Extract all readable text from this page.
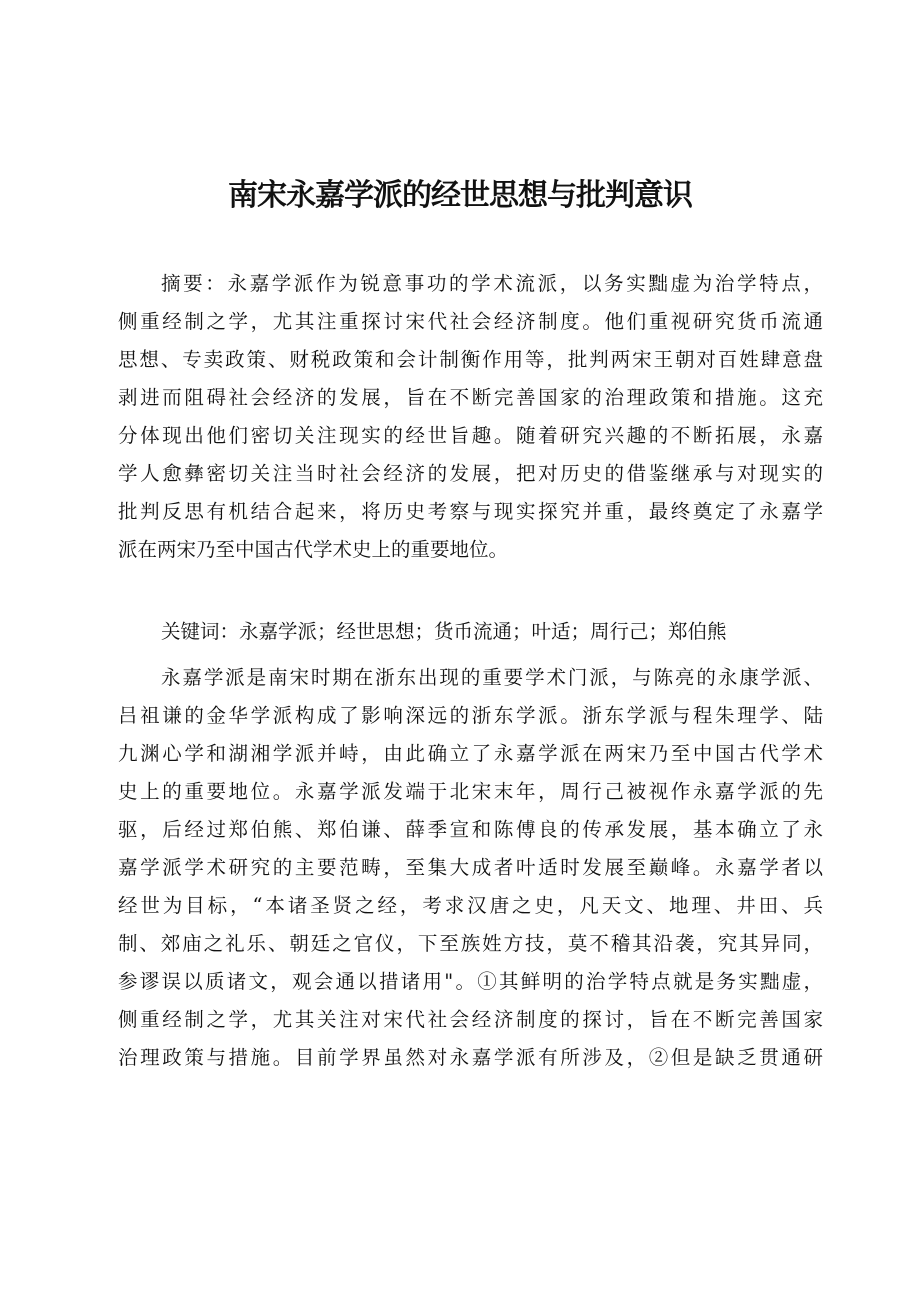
南宋永嘉学派的经世思想与批判意识
摘要：永嘉学派作为锐意事功的学术流派，以务实黜虚为治学特点，
侧重经制之学，尤其注重探讨宋代社会经济制度。他们重视研究货币流通
思想、专卖政策、财税政策和会计制衡作用等，批判两宋王朝对百姓肆意盘
剥进而阻碍社会经济的发展，旨在不断完善国家的治理政策和措施。这充
分体现出他们密切关注现实的经世旨趣。随着研究兴趣的不断拓展，永嘉
学人愈彝密切关注当时社会经济的发展，把对历史的借鉴继承与对现实的
批判反思有机结合起来，将历史考察与现实探究并重，最终奠定了永嘉学
派在两宋乃至中国古代学术史上的重要地位。
关键词：永嘉学派；经世思想；货币流通；叶适；周行己；郑伯熊
永嘉学派是南宋时期在浙东出现的重要学术门派，与陈亮的永康学派、
吕祖谦的金华学派构成了影响深远的浙东学派。浙东学派与程朱理学、陆
九渊心学和湖湘学派并峙，由此确立了永嘉学派在两宋乃至中国古代学术
史上的重要地位。永嘉学派发端于北宋末年，周行己被视作永嘉学派的先
驱，后经过郑伯熊、郑伯谦、薛季宣和陈傅良的传承发展，基本确立了永
嘉学派学术研究的主要范畴，至集大成者叶适时发展至巅峰。永嘉学者以
经世为目标，“本诸圣贤之经，考求汉唐之史，凡天文、地理、井田、兵
制、郊庙之礼乐、朝廷之官仪，下至族姓方技，莫不稽其沿袭，究其异同，
参谬误以质诸文，观会通以措诸用"。①其鲜明的治学特点就是务实黜虚，
侧重经制之学，尤其关注对宋代社会经济制度的探讨，旨在不断完善国家
治理政策与措施。目前学界虽然对永嘉学派有所涉及，②但是缺乏贯通研
